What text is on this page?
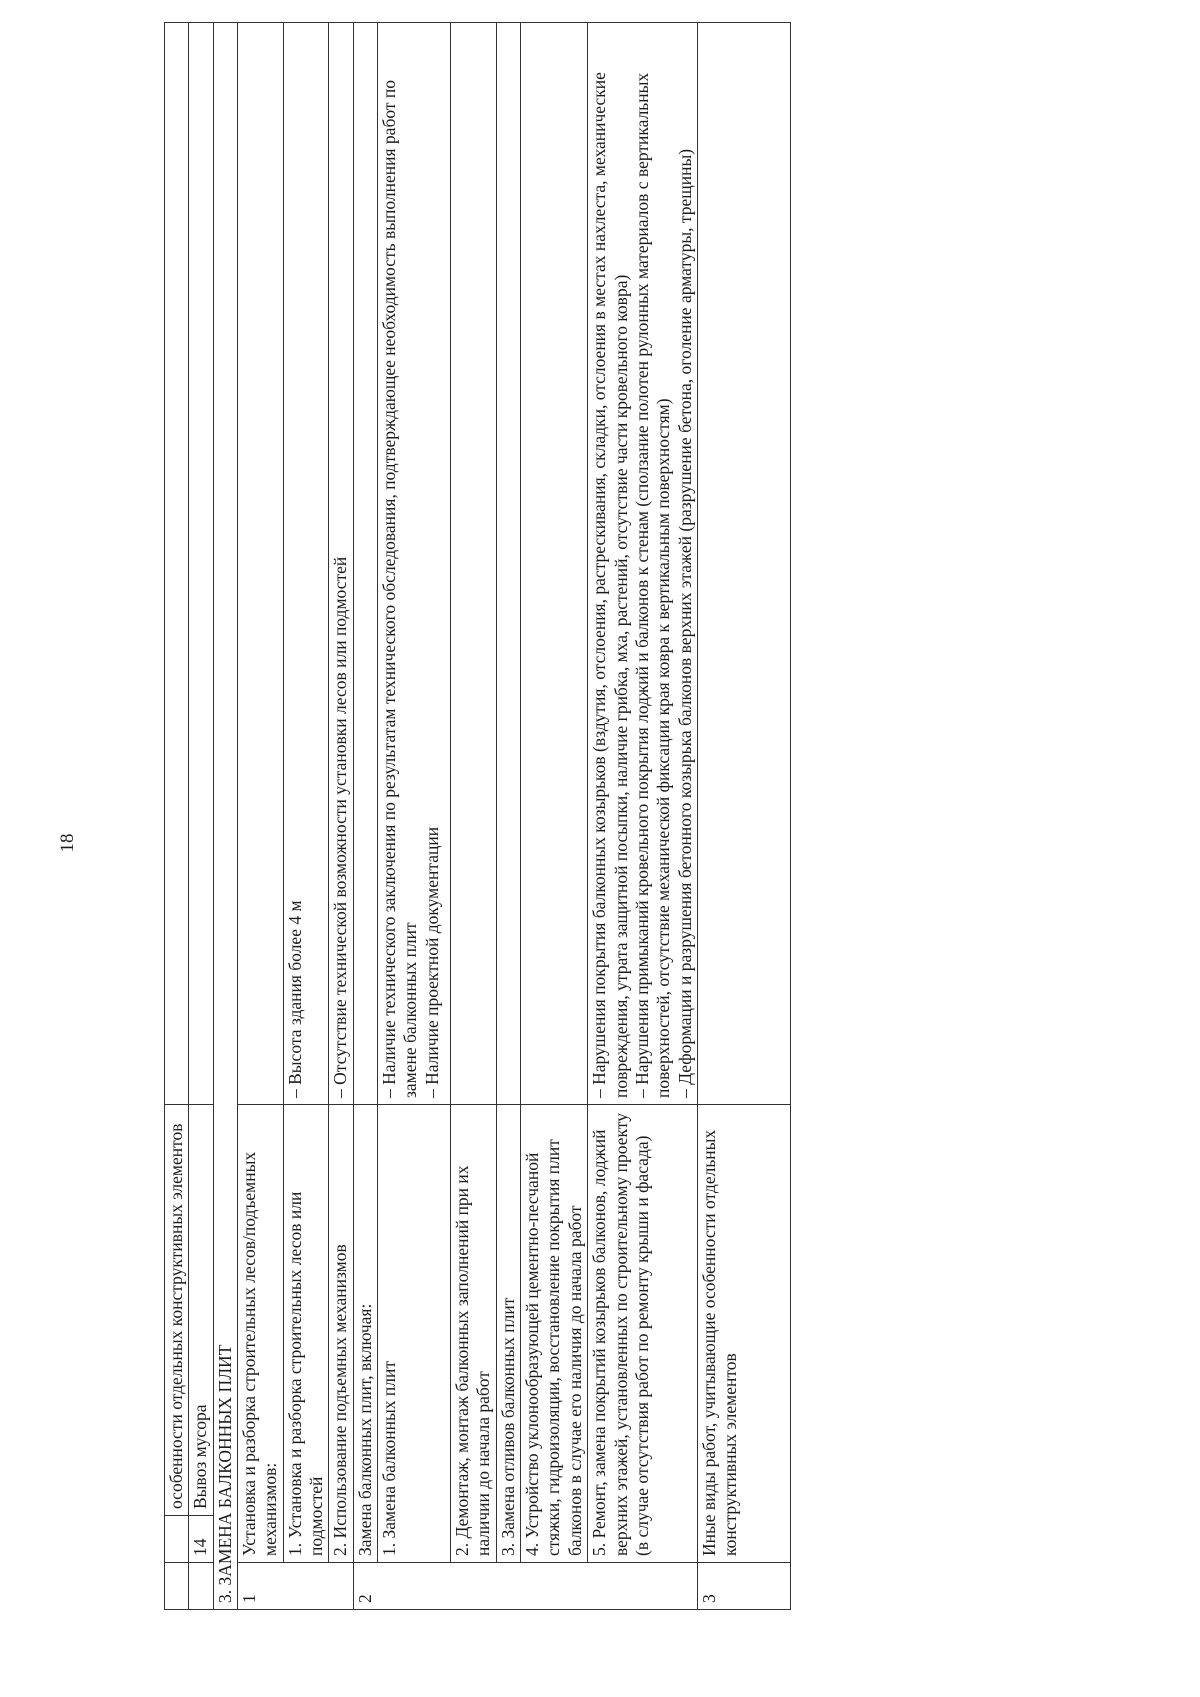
18
		особенности отдельных конструктивных элементов	
	14	Вывоз мусора	
3. ЗАМЕНА БАЛКОННЫХ ПЛИТ			
1	Установка и разборка строительных лесов/подъемных механизмов:		
	1. Установка и разборка строительных лесов или подмостей		– Высота здания более 4 м

	2. Использование подъемных механизмов		– Отсутствие технической возможности установки лесов или подмостей

2	Замена балконных плит, включая:		
	1. Замена балконных плит		– Наличие технического заключения по результатам технического обследования, подтверждающее необходимость выполнения работ по замене балконных плит – Наличие проектной документации

	2. Демонтаж, монтаж балконных заполнений при их наличии до начала работ		
	3. Замена отливов балконных плит		
	4. Устройство уклонообразующей цементно-песчаной стяжки, гидроизоляции, восстановление покрытия плит балконов в случае его наличия до начала работ		
	5. Ремонт, замена покрытий козырьков балконов, лоджий верхних этажей, установленных по строительному проекту (в случае отсутствия работ по ремонту крыши и фасада)		– Нарушения покрытия балконных козырьков (вздутия, отслоения, растрескивания, складки, отслоения в местах нахлеста, механические повреждения, утрата защитной посыпки, наличие грибка, мха, растений, отсутствие части кровельного ковра) – Нарушения примыканий кровельного покрытия лоджий и балконов к стенам (сползание полотен рулонных материалов с вертикальных поверхностей, отсутствие механической фиксации края ковра к вертикальным поверхностям) – Деформации и разрушения бетонного козырька балконов верхних этажей (разрушение бетона, оголение арматуры, трещины)

3	Иные виды работ, учитывающие особенности отдельных конструктивных элементов		
